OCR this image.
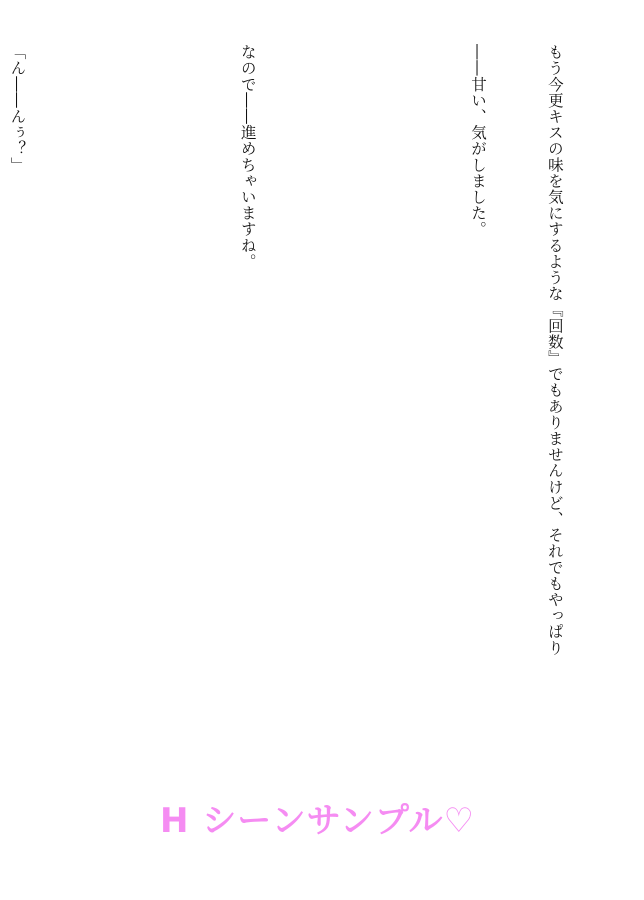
もう今更キスの味を気にするような『回数』でもありませんけど、それでもやっぱり

――甘い、気がしました。

なので――進めちゃいますね。

「ん――んぅ？」

H シーンサンプル♡
